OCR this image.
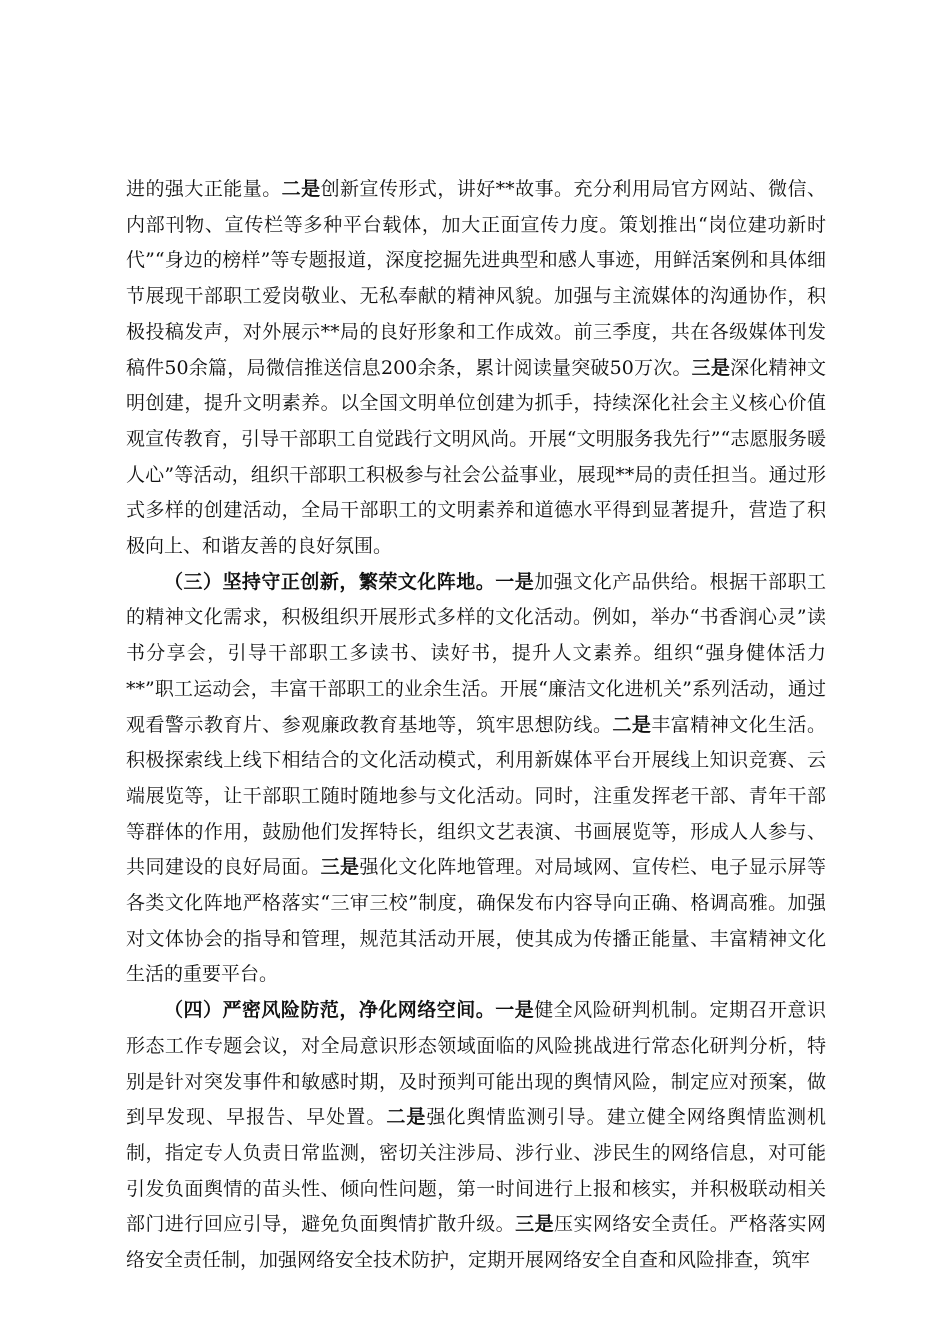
进的强大正能量。二是创新宣传形式，讲好**故事。充分利用局官方网站、微信、内部刊物、宣传栏等多种平台载体，加大正面宣传力度。策划推出“岗位建功新时代”“身边的榜样”等专题报道，深度挖掘先进典型和感人事迹，用鲜活案例和具体细节展现干部职工爱岗敬业、无私奉献的精神风貌。加强与主流媒体的沟通协作，积极投稿发声，对外展示**局的良好形象和工作成效。前三季度，共在各级媒体刊发稿件50余篇，局微信推送信息200余条，累计阅读量突破50万次。三是深化精神文明创建，提升文明素养。以全国文明单位创建为抓手，持续深化社会主义核心价值观宣传教育，引导干部职工自觉践行文明风尚。开展“文明服务我先行”“志愿服务暖人心”等活动，组织干部职工积极参与社会公益事业，展现**局的责任担当。通过形式多样的创建活动，全局干部职工的文明素养和道德水平得到显著提升，营造了积极向上、和谐友善的良好氛围。

（三）坚持守正创新，繁荣文化阵地。一是加强文化产品供给。根据干部职工的精神文化需求，积极组织开展形式多样的文化活动。例如，举办“书香润心灵”读书分享会，引导干部职工多读书、读好书，提升人文素养。组织“强身健体活力**”职工运动会，丰富干部职工的业余生活。开展“廉洁文化进机关”系列活动，通过观看警示教育片、参观廉政教育基地等，筑牢思想防线。二是丰富精神文化生活。积极探索线上线下相结合的文化活动模式，利用新媒体平台开展线上知识竞赛、云端展览等，让干部职工随时随地参与文化活动。同时，注重发挥老干部、青年干部等群体的作用，鼓励他们发挥特长，组织文艺表演、书画展览等，形成人人参与、共同建设的良好局面。三是强化文化阵地管理。对局域网、宣传栏、电子显示屏等各类文化阵地严格落实“三审三校”制度，确保发布内容导向正确、格调高雅。加强对文体协会的指导和管理，规范其活动开展，使其成为传播正能量、丰富精神文化生活的重要平台。

（四）严密风险防范，净化网络空间。一是健全风险研判机制。定期召开意识形态工作专题会议，对全局意识形态领域面临的风险挑战进行常态化研判分析，特别是针对突发事件和敏感时期，及时预判可能出现的舆情风险，制定应对预案，做到早发现、早报告、早处置。二是强化舆情监测引导。建立健全网络舆情监测机制，指定专人负责日常监测，密切关注涉局、涉行业、涉民生的网络信息，对可能引发负面舆情的苗头性、倾向性问题，第一时间进行上报和核实，并积极联动相关部门进行回应引导，避免负面舆情扩散升级。三是压实网络安全责任。严格落实网络安全责任制，加强网络安全技术防护，定期开展网络安全自查和风险排查，筑牢
